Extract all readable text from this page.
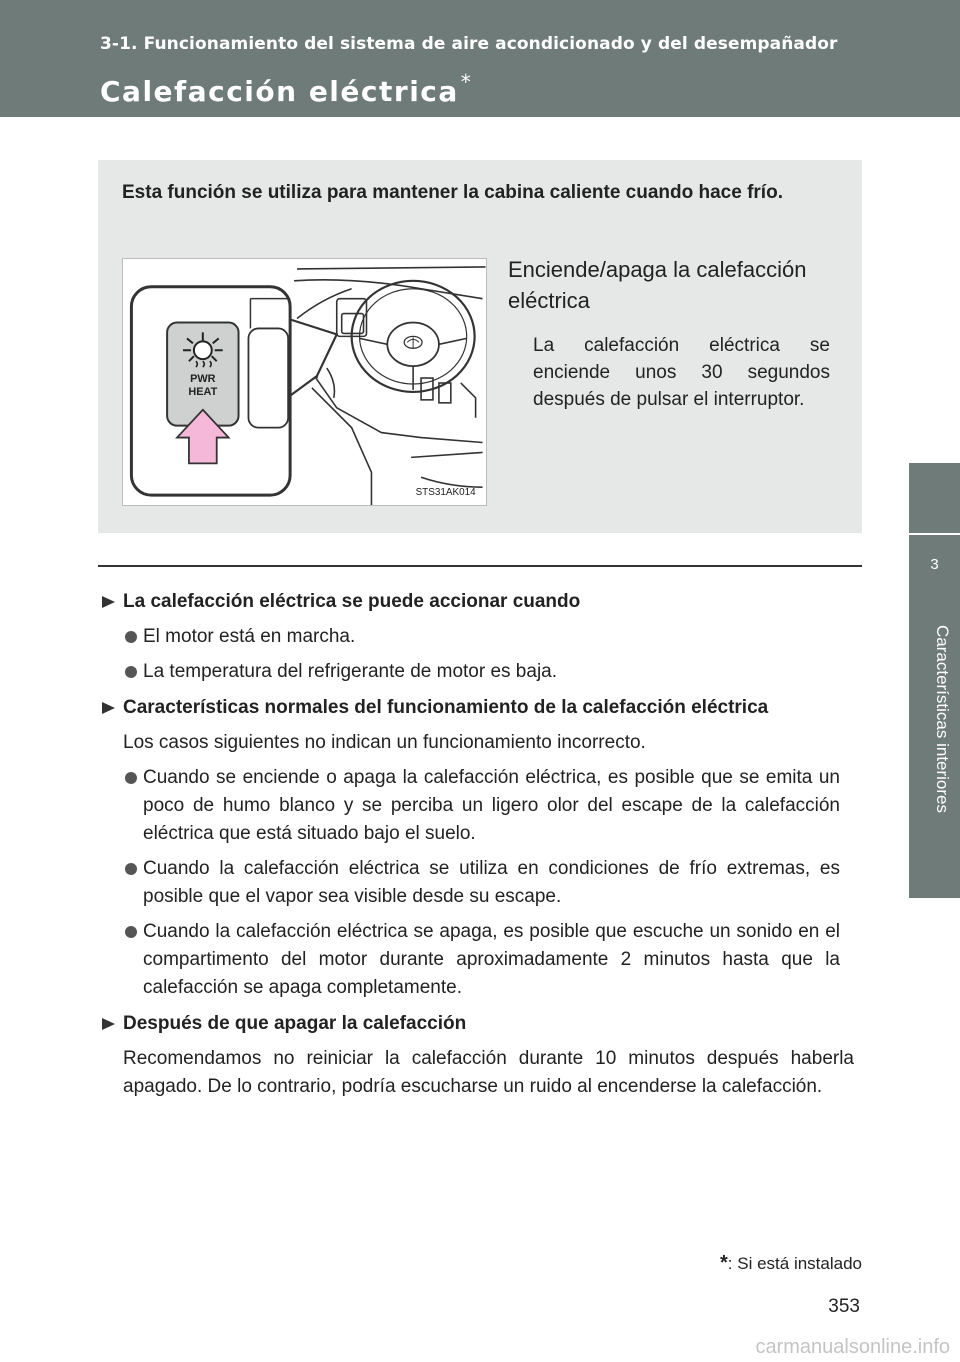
3-1. Funcionamiento del sistema de aire acondicionado y del desempañador
Calefacción eléctrica *
3
Características interiores
Esta función se utiliza para mantener la cabina caliente cuando hace frío.
PWR
HEAT
STS31AK014
Enciende/apaga la calefacción eléctrica
La calefacción eléctrica se enciende unos 30 segundos después de pulsar el interruptor.
La calefacción eléctrica se puede accionar cuando
El motor está en marcha.
La temperatura del refrigerante de motor es baja.
Características normales del funcionamiento de la calefacción eléctrica
Los casos siguientes no indican un funcionamiento incorrecto.
Cuando se enciende o apaga la calefacción eléctrica, es posible que se emita un poco de humo blanco y se perciba un ligero olor del escape de la calefacción eléctrica que está situado bajo el suelo.
Cuando la calefacción eléctrica se utiliza en condiciones de frío extremas, es posible que el vapor sea visible desde su escape.
Cuando la calefacción eléctrica se apaga, es posible que escuche un sonido en el compartimento del motor durante aproximadamente 2 minutos hasta que la calefacción se apaga completamente.
Después de que apagar la calefacción
Recomendamos no reiniciar la calefacción durante 10 minutos después haberla apagado. De lo contrario, podría escucharse un ruido al encenderse la calefacción.
*: Si está instalado
353
carmanualsonline.info
